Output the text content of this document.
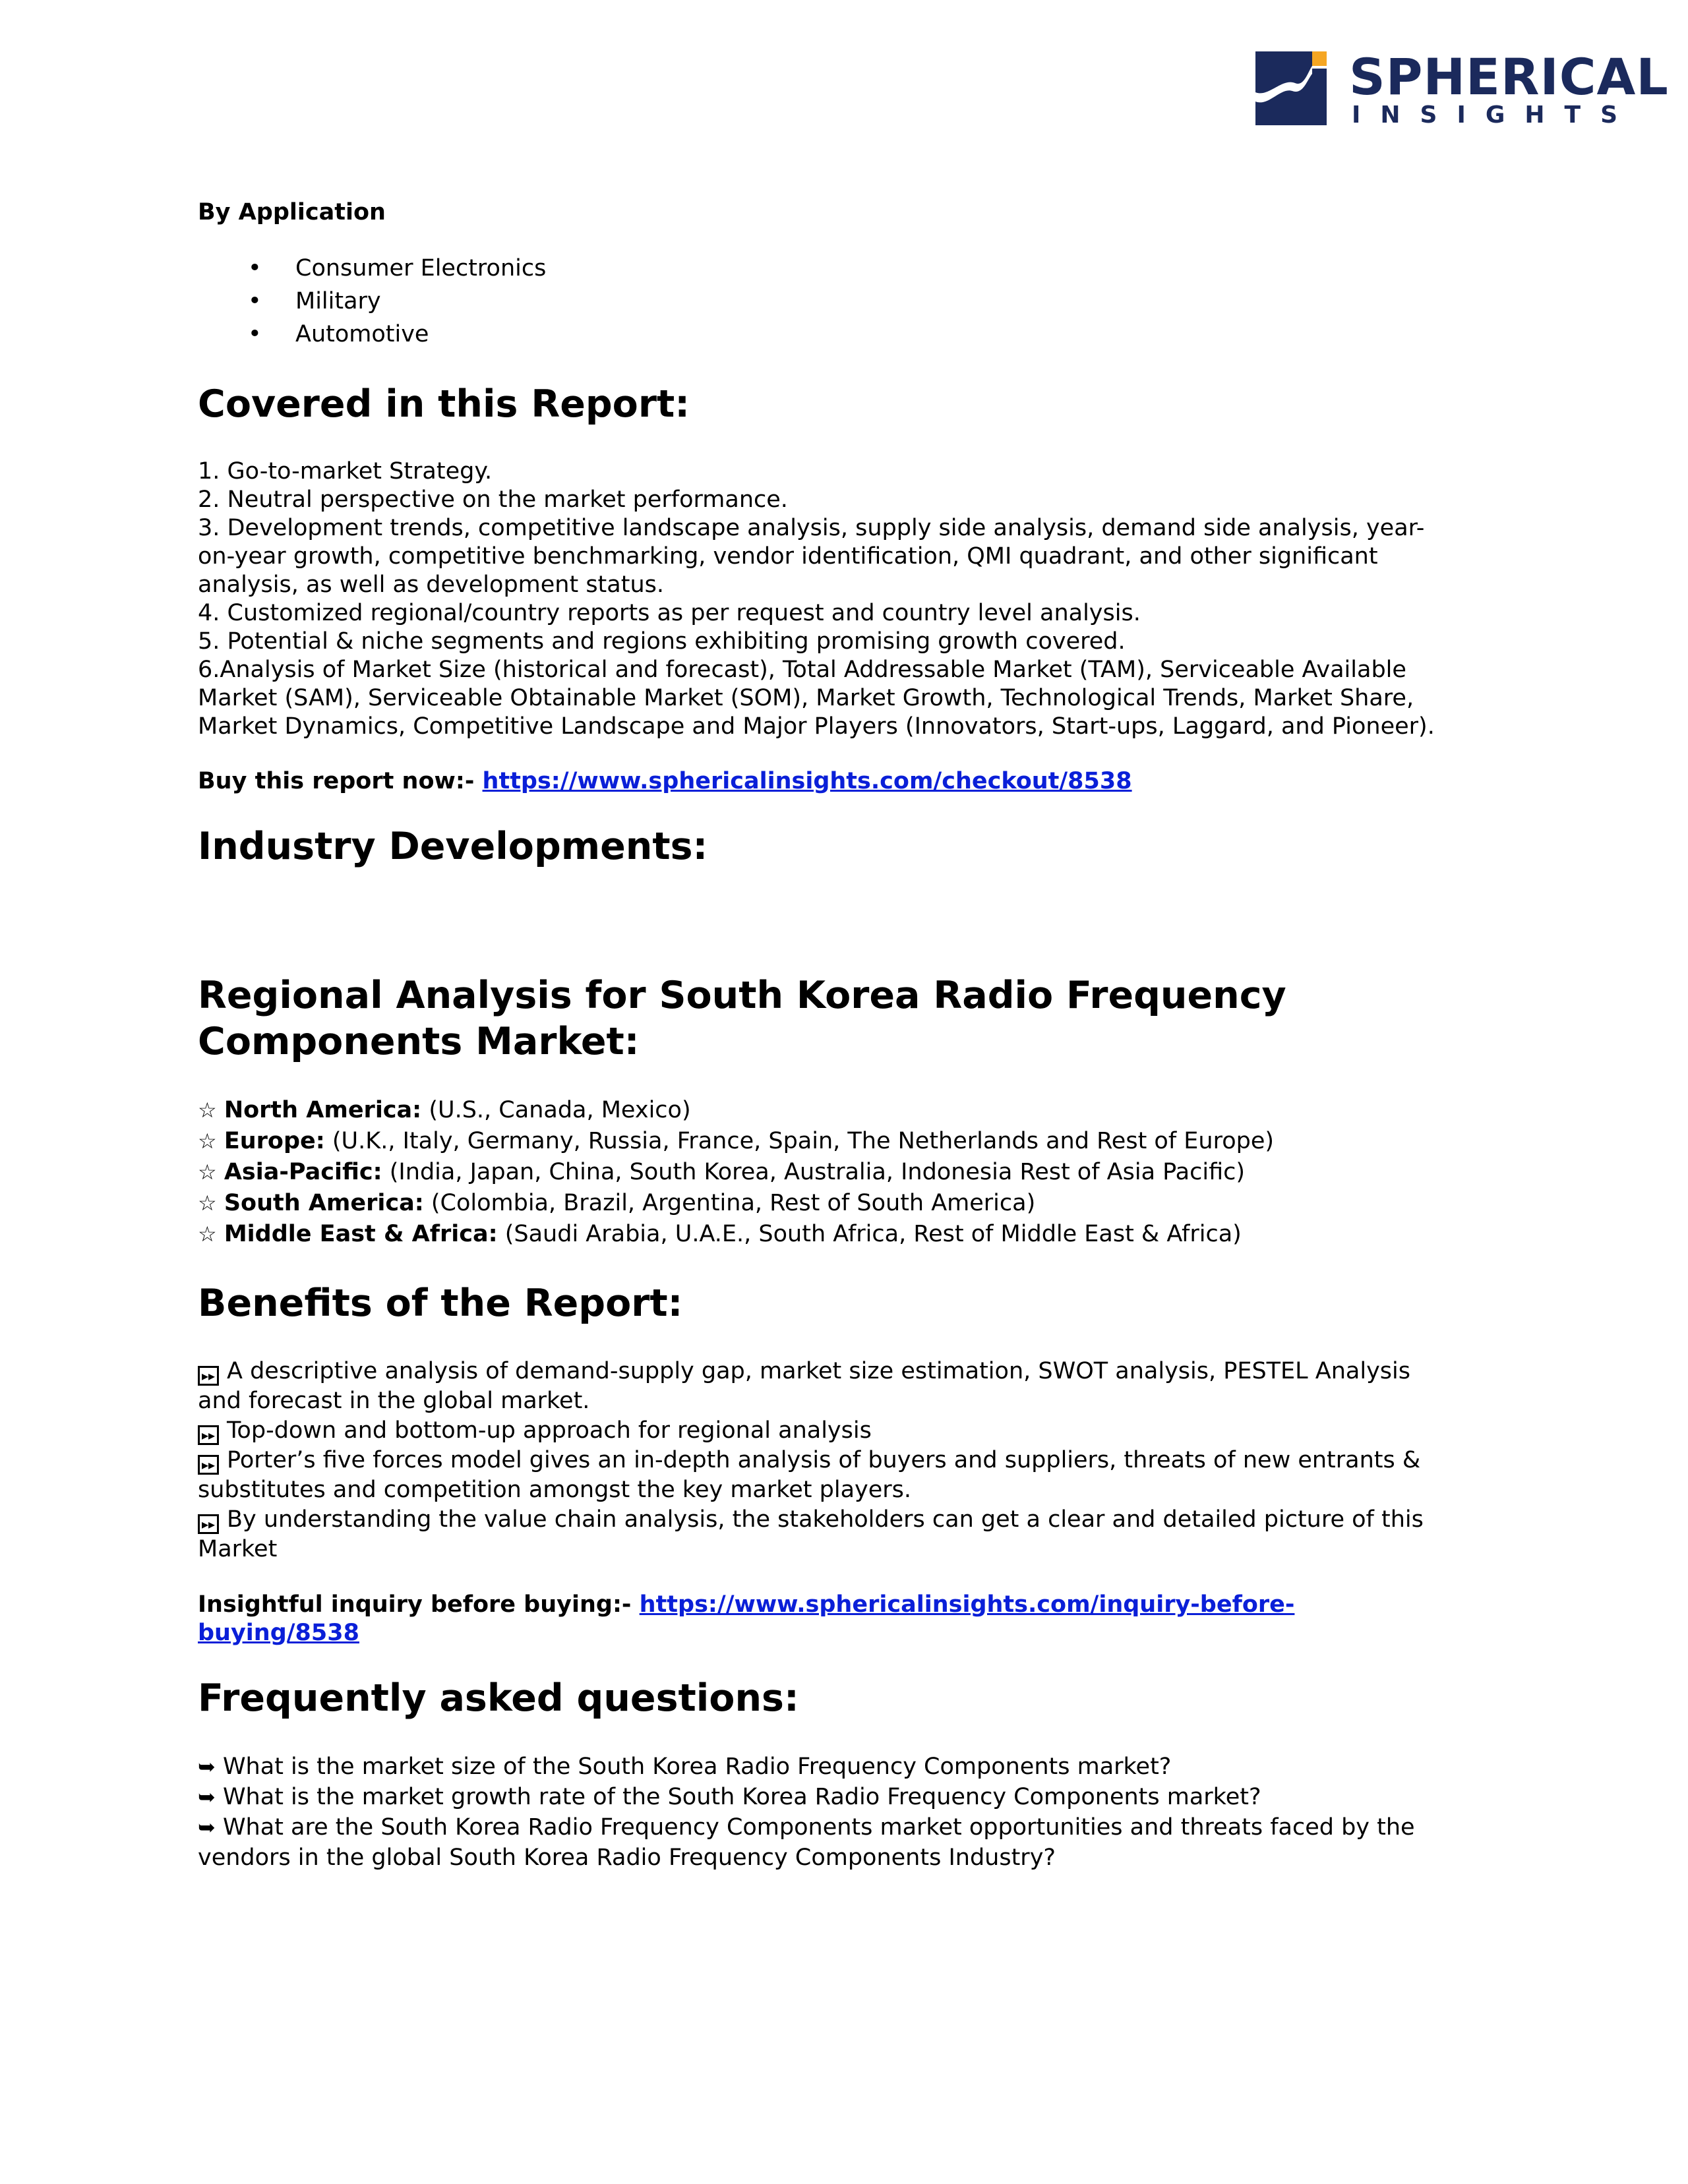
SPHERICAL
INSIGHTS

By Application

• Consumer Electronics
• Military
• Automotive
Covered in this Report:
1. Go-to-market Strategy.
2. Neutral perspective on the market performance.
3. Development trends, competitive landscape analysis, supply side analysis, demand side analysis, year-
on-year growth, competitive benchmarking, vendor identification, QMI quadrant, and other significant
analysis, as well as development status.
4. Customized regional/country reports as per request and country level analysis.
5. Potential & niche segments and regions exhibiting promising growth covered.
6.Analysis of Market Size (historical and forecast), Total Addressable Market (TAM), Serviceable Available
Market (SAM), Serviceable Obtainable Market (SOM), Market Growth, Technological Trends, Market Share,
Market Dynamics, Competitive Landscape and Major Players (Innovators, Start-ups, Laggard, and Pioneer).

Buy this report now:- https://www.sphericalinsights.com/checkout/8538

Industry Developments:
Regional Analysis for South Korea Radio Frequency
Components Market:
☆ North America: (U.S., Canada, Mexico)
☆ Europe: (U.K., Italy, Germany, Russia, France, Spain, The Netherlands and Rest of Europe)
☆ Asia-Pacific: (India, Japan, China, South Korea, Australia, Indonesia Rest of Asia Pacific)
☆ South America: (Colombia, Brazil, Argentina, Rest of South America)
☆ Middle East & Africa: (Saudi Arabia, U.A.E., South Africa, Rest of Middle East & Africa)
Benefits of the Report:
▸▸ A descriptive analysis of demand-supply gap, market size estimation, SWOT analysis, PESTEL Analysis
and forecast in the global market.
▸▸ Top-down and bottom-up approach for regional analysis
▸▸ Porter’s five forces model gives an in-depth analysis of buyers and suppliers, threats of new entrants &
substitutes and competition amongst the key market players.
▸▸ By understanding the value chain analysis, the stakeholders can get a clear and detailed picture of this
Market

Insightful inquiry before buying:- https://www.sphericalinsights.com/inquiry-before-
buying/8538

Frequently asked questions:
➥ What is the market size of the South Korea Radio Frequency Components market?
➥ What is the market growth rate of the South Korea Radio Frequency Components market?
➥ What are the South Korea Radio Frequency Components market opportunities and threats faced by the
vendors in the global South Korea Radio Frequency Components Industry?
